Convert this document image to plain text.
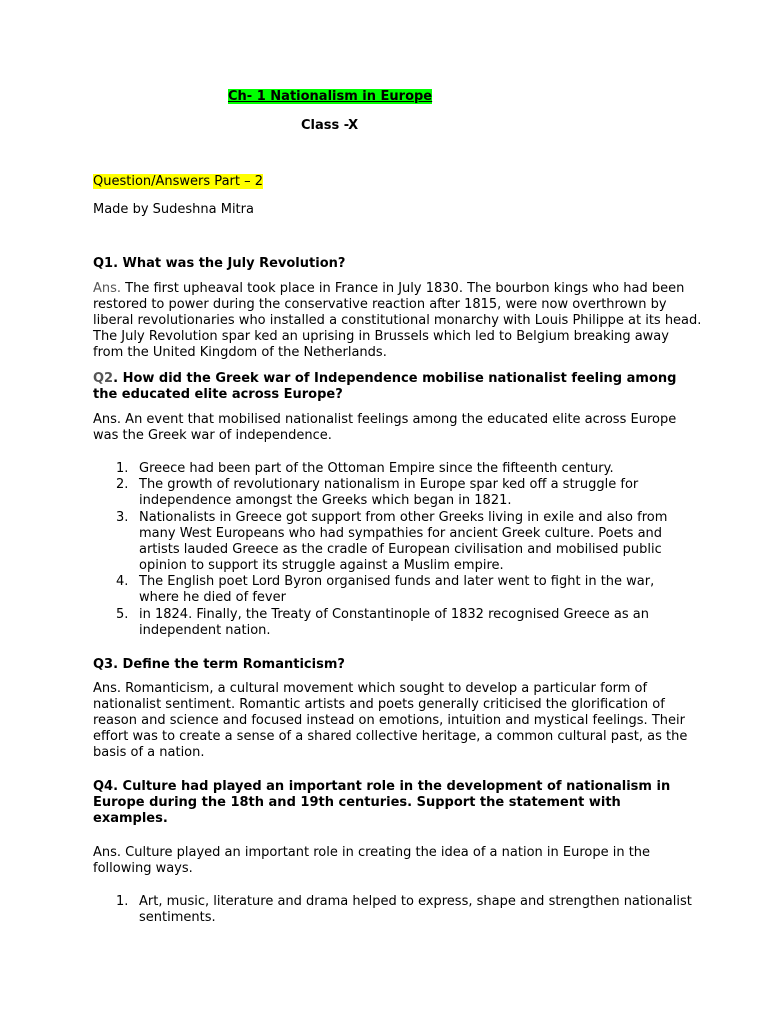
Ch- 1 Nationalism in Europe
Class -X
Question/Answers Part – 2
Made by Sudeshna Mitra
Q1. What was the July Revolution?
Ans. The first upheaval took place in France in July 1830. The bourbon kings who had been
restored to power during the conservative reaction after 1815, were now overthrown by
liberal revolutionaries who installed a constitutional monarchy with Louis Philippe at its head.
The July Revolution spar ked an uprising in Brussels which led to Belgium breaking away
from the United Kingdom of the Netherlands.
Q2. How did the Greek war of Independence mobilise nationalist feeling among
the educated elite across Europe?
Ans. An event that mobilised nationalist feelings among the educated elite across Europe
was the Greek war of independence.
1. Greece had been part of the Ottoman Empire since the fifteenth century.
2. The growth of revolutionary nationalism in Europe spar ked off a struggle for
independence amongst the Greeks which began in 1821.
3. Nationalists in Greece got support from other Greeks living in exile and also from
many West Europeans who had sympathies for ancient Greek culture. Poets and
artists lauded Greece as the cradle of European civilisation and mobilised public
opinion to support its struggle against a Muslim empire.
4. The English poet Lord Byron organised funds and later went to fight in the war,
where he died of fever
5. in 1824. Finally, the Treaty of Constantinople of 1832 recognised Greece as an
independent nation.
Q3. Define the term Romanticism?
Ans. Romanticism, a cultural movement which sought to develop a particular form of
nationalist sentiment. Romantic artists and poets generally criticised the glorification of
reason and science and focused instead on emotions, intuition and mystical feelings. Their
effort was to create a sense of a shared collective heritage, a common cultural past, as the
basis of a nation.
Q4. Culture had played an important role in the development of nationalism in
Europe during the 18th and 19th centuries. Support the statement with
examples.
Ans. Culture played an important role in creating the idea of a nation in Europe in the
following ways.
1. Art, music, literature and drama helped to express, shape and strengthen nationalist
sentiments.
